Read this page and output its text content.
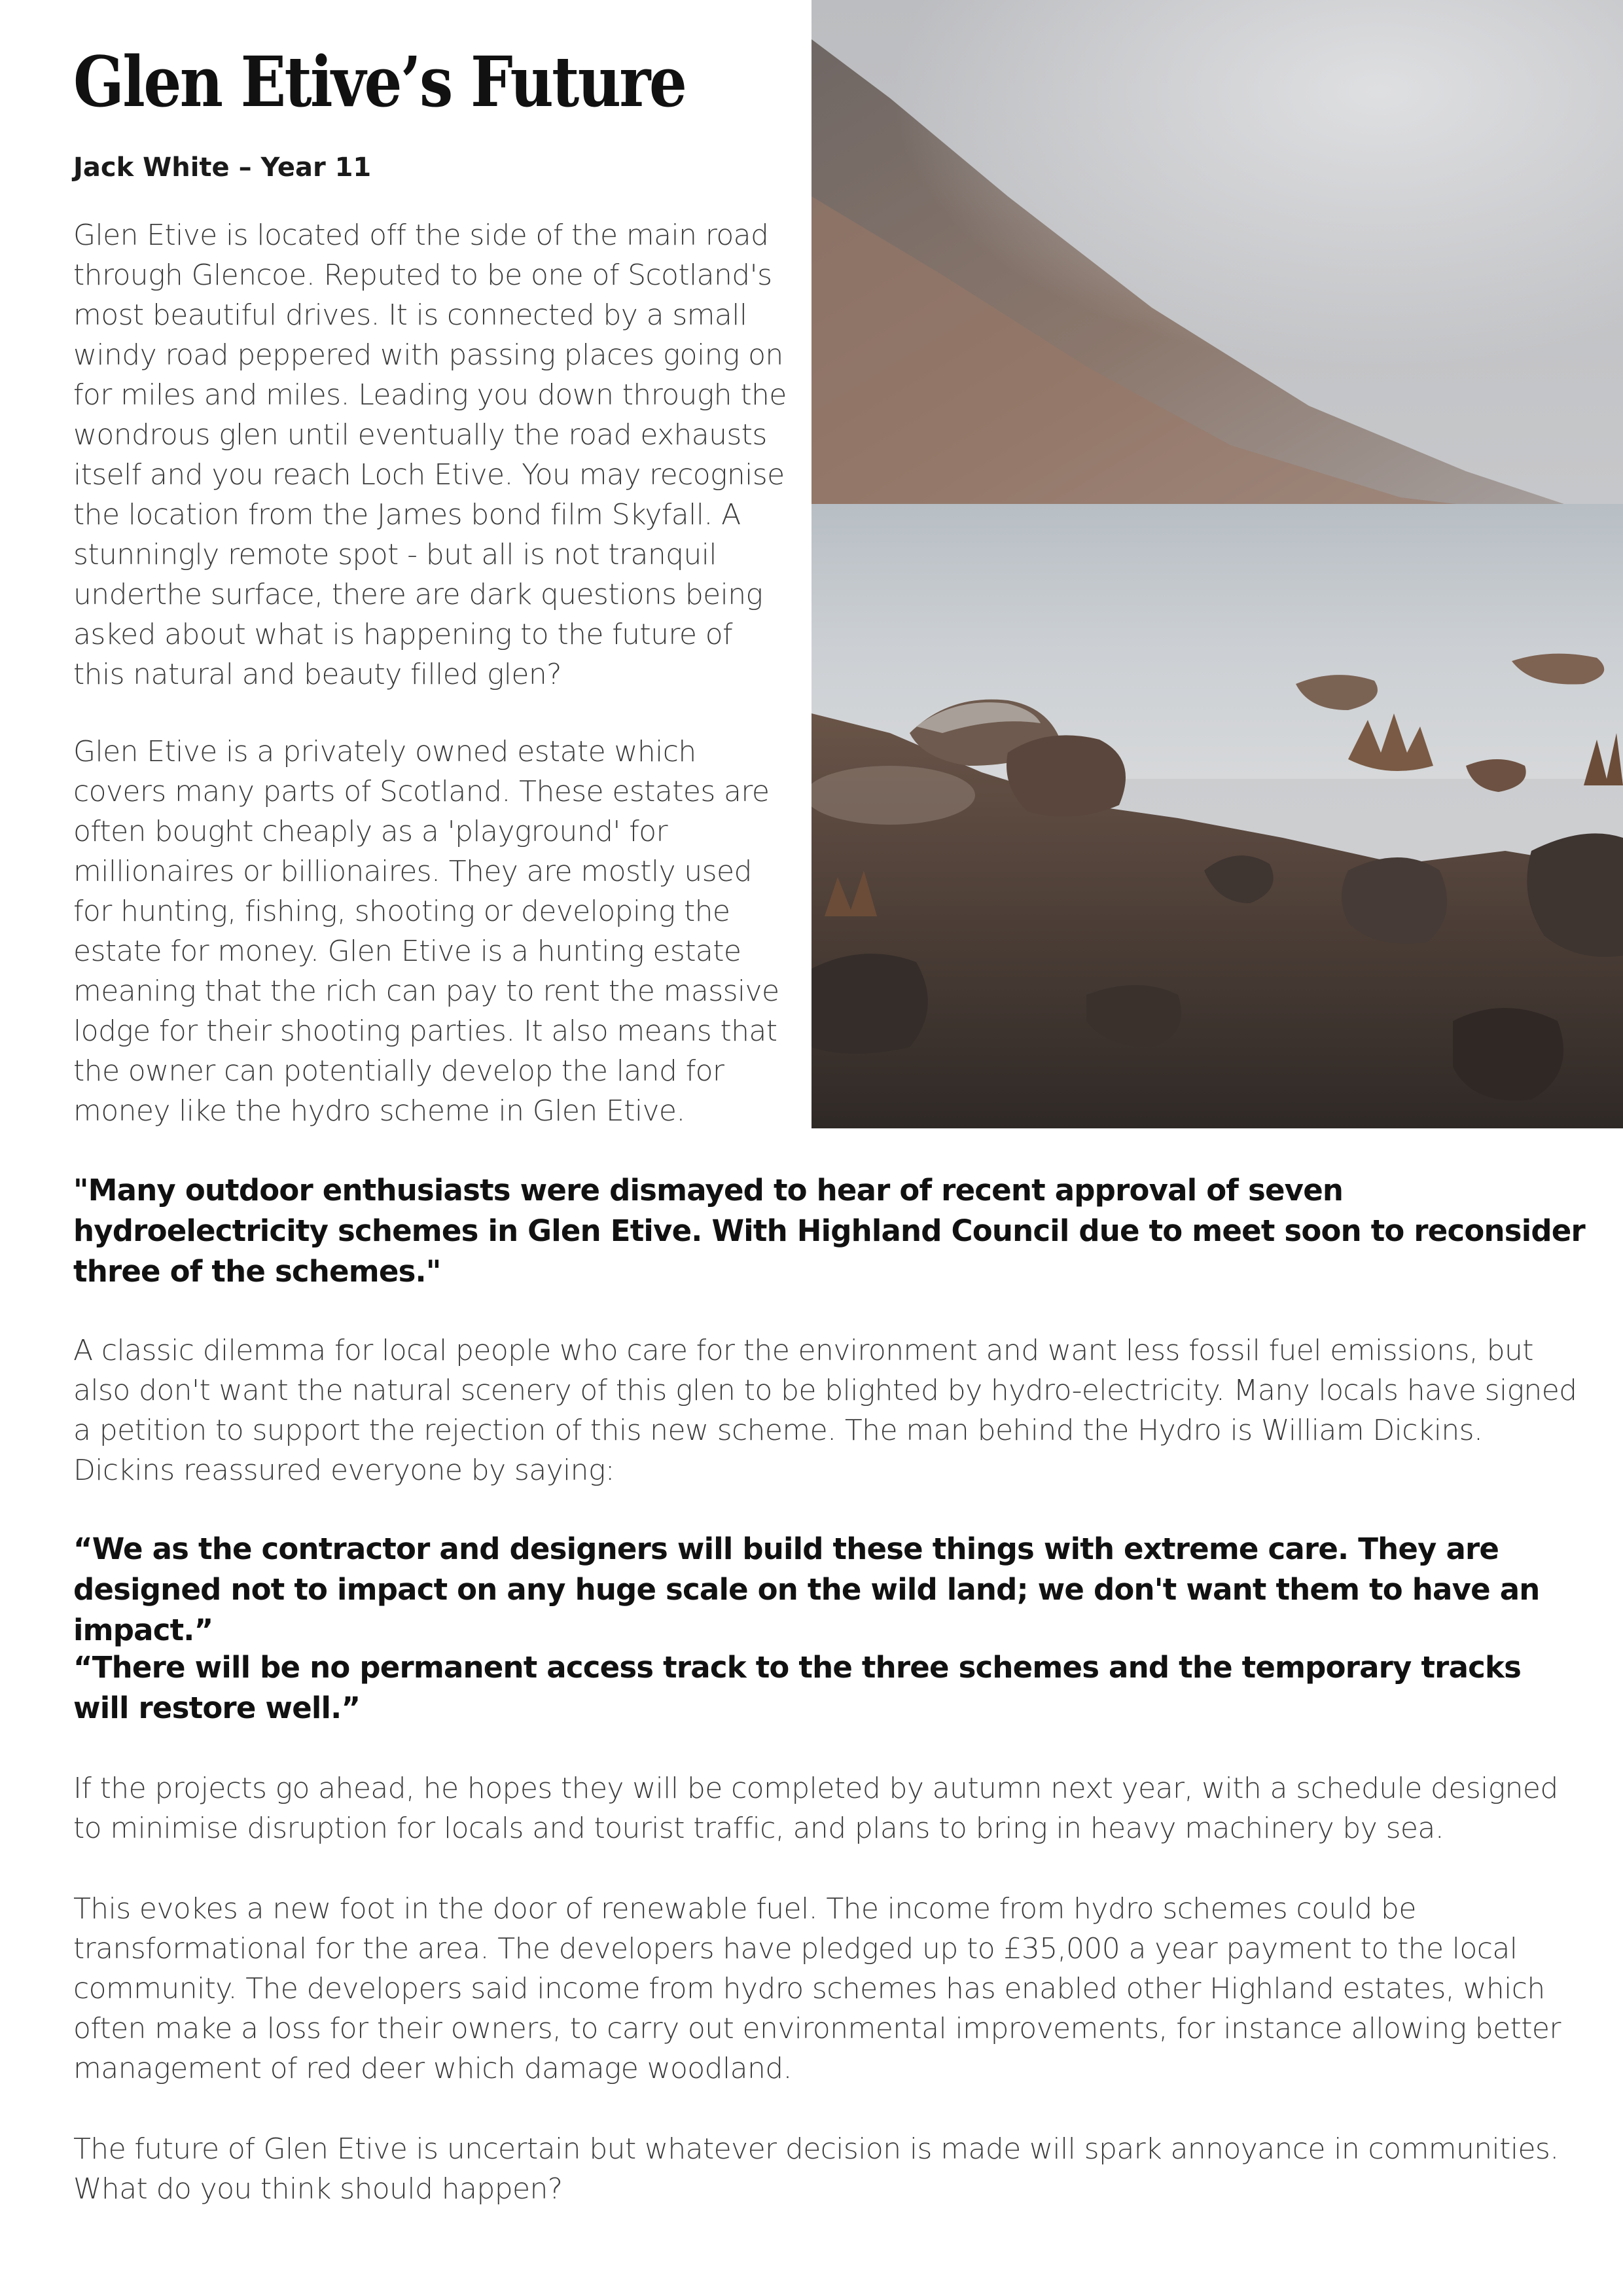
Glen Etive’s Future

Jack White – Year 11

Glen Etive is located off the side of the main road through Glencoe. Reputed to be one of Scotland's most beautiful drives. It is connected by a small windy road peppered with passing places going on for miles and miles. Leading you down through the wondrous glen until eventually the road exhausts itself and you reach Loch Etive. You may recognise the location from the James bond film Skyfall. A stunningly remote spot - but all is not tranquil underthe surface, there are dark questions being asked about what is happening to the future of this natural and beauty filled glen?

Glen Etive is a privately owned estate which covers many parts of Scotland. These estates are often bought cheaply as a 'playground' for millionaires or billionaires. They are mostly used for hunting, fishing, shooting or developing the estate for money. Glen Etive is a hunting estate meaning that the rich can pay to rent the massive lodge for their shooting parties. It also means that the owner can potentially develop the land for money like the hydro scheme in Glen Etive.

"Many outdoor enthusiasts were dismayed to hear of recent approval of seven hydroelectricity schemes in Glen Etive. With Highland Council due to meet soon to reconsider three of the schemes."

A classic dilemma for local people who care for the environment and want less fossil fuel emissions, but also don't want the natural scenery of this glen to be blighted by hydro-electricity. Many locals have signed a petition to support the rejection of this new scheme. The man behind the Hydro is William Dickins. Dickins reassured everyone by saying:

“We as the contractor and designers will build these things with extreme care. They are designed not to impact on any huge scale on the wild land; we don't want them to have an impact.”

“There will be no permanent access track to the three schemes and the temporary tracks will restore well.”

If the projects go ahead, he hopes they will be completed by autumn next year, with a schedule designed to minimise disruption for locals and tourist traffic, and plans to bring in heavy machinery by sea.

This evokes a new foot in the door of renewable fuel. The income from hydro schemes could be transformational for the area. The developers have pledged up to £35,000 a year payment to the local community. The developers said income from hydro schemes has enabled other Highland estates, which often make a loss for their owners, to carry out environmental improvements, for instance allowing better management of red deer which damage woodland.

The future of Glen Etive is uncertain but whatever decision is made will spark annoyance in communities. What do you think should happen?
